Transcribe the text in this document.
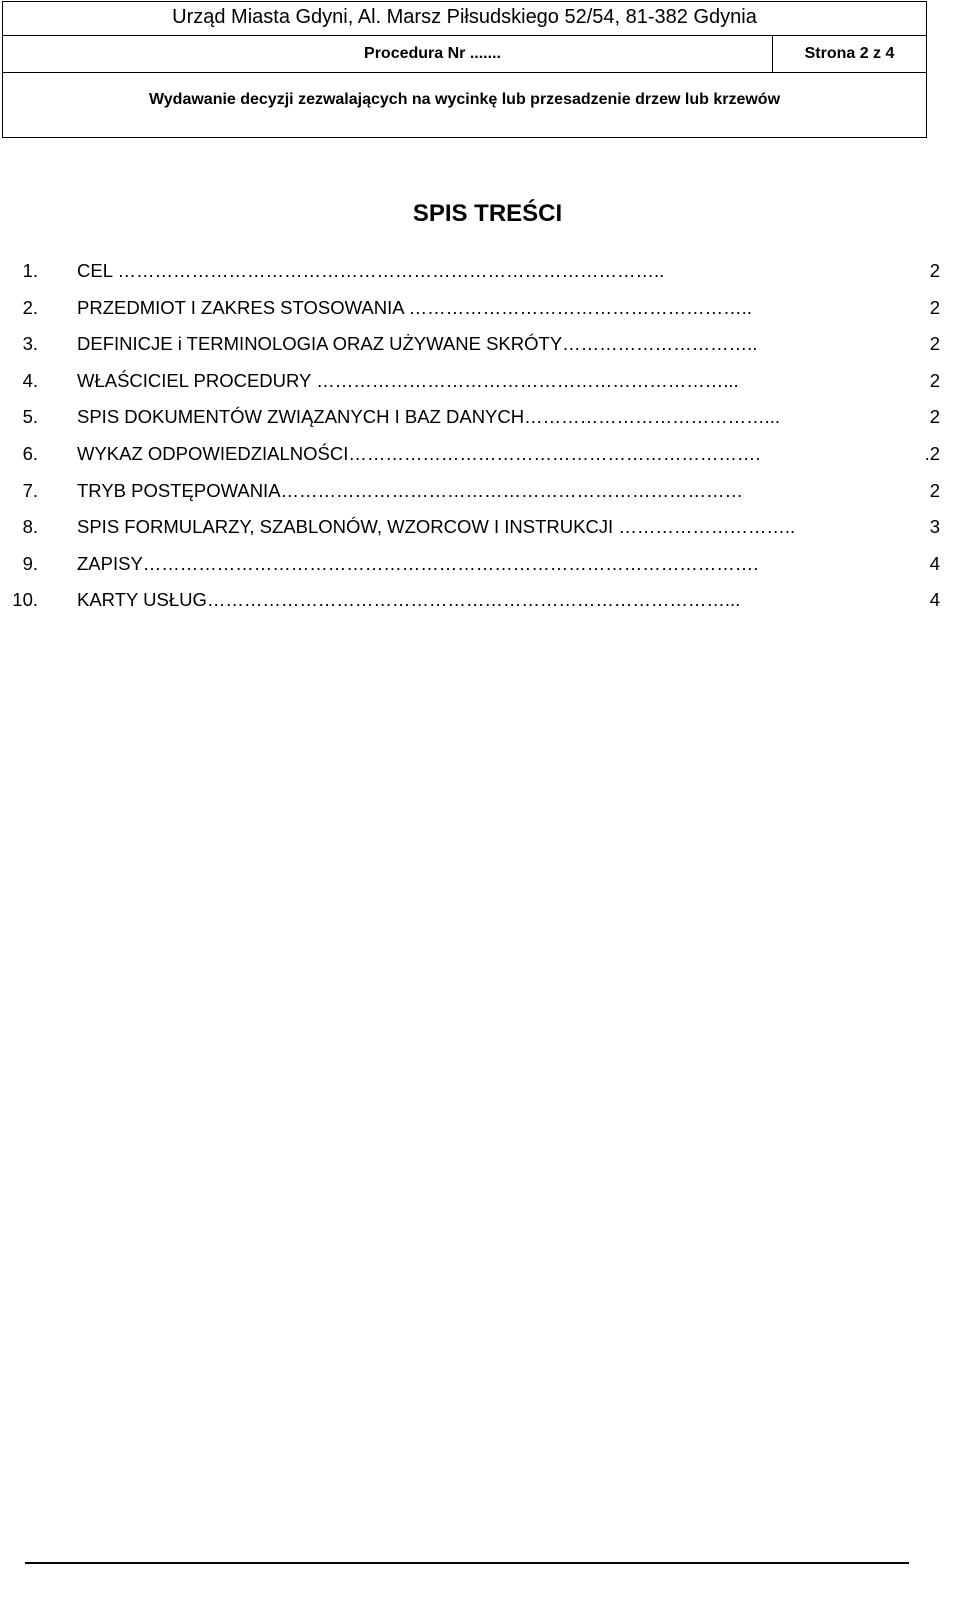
Urząd Miasta Gdyni, Al. Marsz Piłsudskiego 52/54, 81-382 Gdynia
Procedura Nr .......	Strona 2 z 4
Wydawanie decyzji zezwalających na wycinkę lub przesadzenie drzew lub krzewów
SPIS TREŚCI
1. CEL ……………………………………………………………………………..	2
2. PRZEDMIOT I ZAKRES STOSOWANIA ………………………………………………..	2
3. DEFINICJE i TERMINOLOGIA ORAZ UŻYWANE SKRÓTY…………………………..	2
4. WŁAŚCICIEL PROCEDURY …………………………………………………………...	2
5. SPIS DOKUMENTÓW ZWIĄZANYCH I BAZ DANYCH…………………………………...	2
6. WYKAZ ODPOWIEDZIALNOŚCI………………………………………………………….	.2
7. TRYB POSTĘPOWANIA…………………………………………………………………	2
8. SPIS FORMULARZY, SZABLONÓW, WZORCOW I INSTRUKCJI ………………………..	3
9. ZAPISY……………………………………………………………………………………….	4
10. KARTY USŁUG…………………………………………………………………………...	4
